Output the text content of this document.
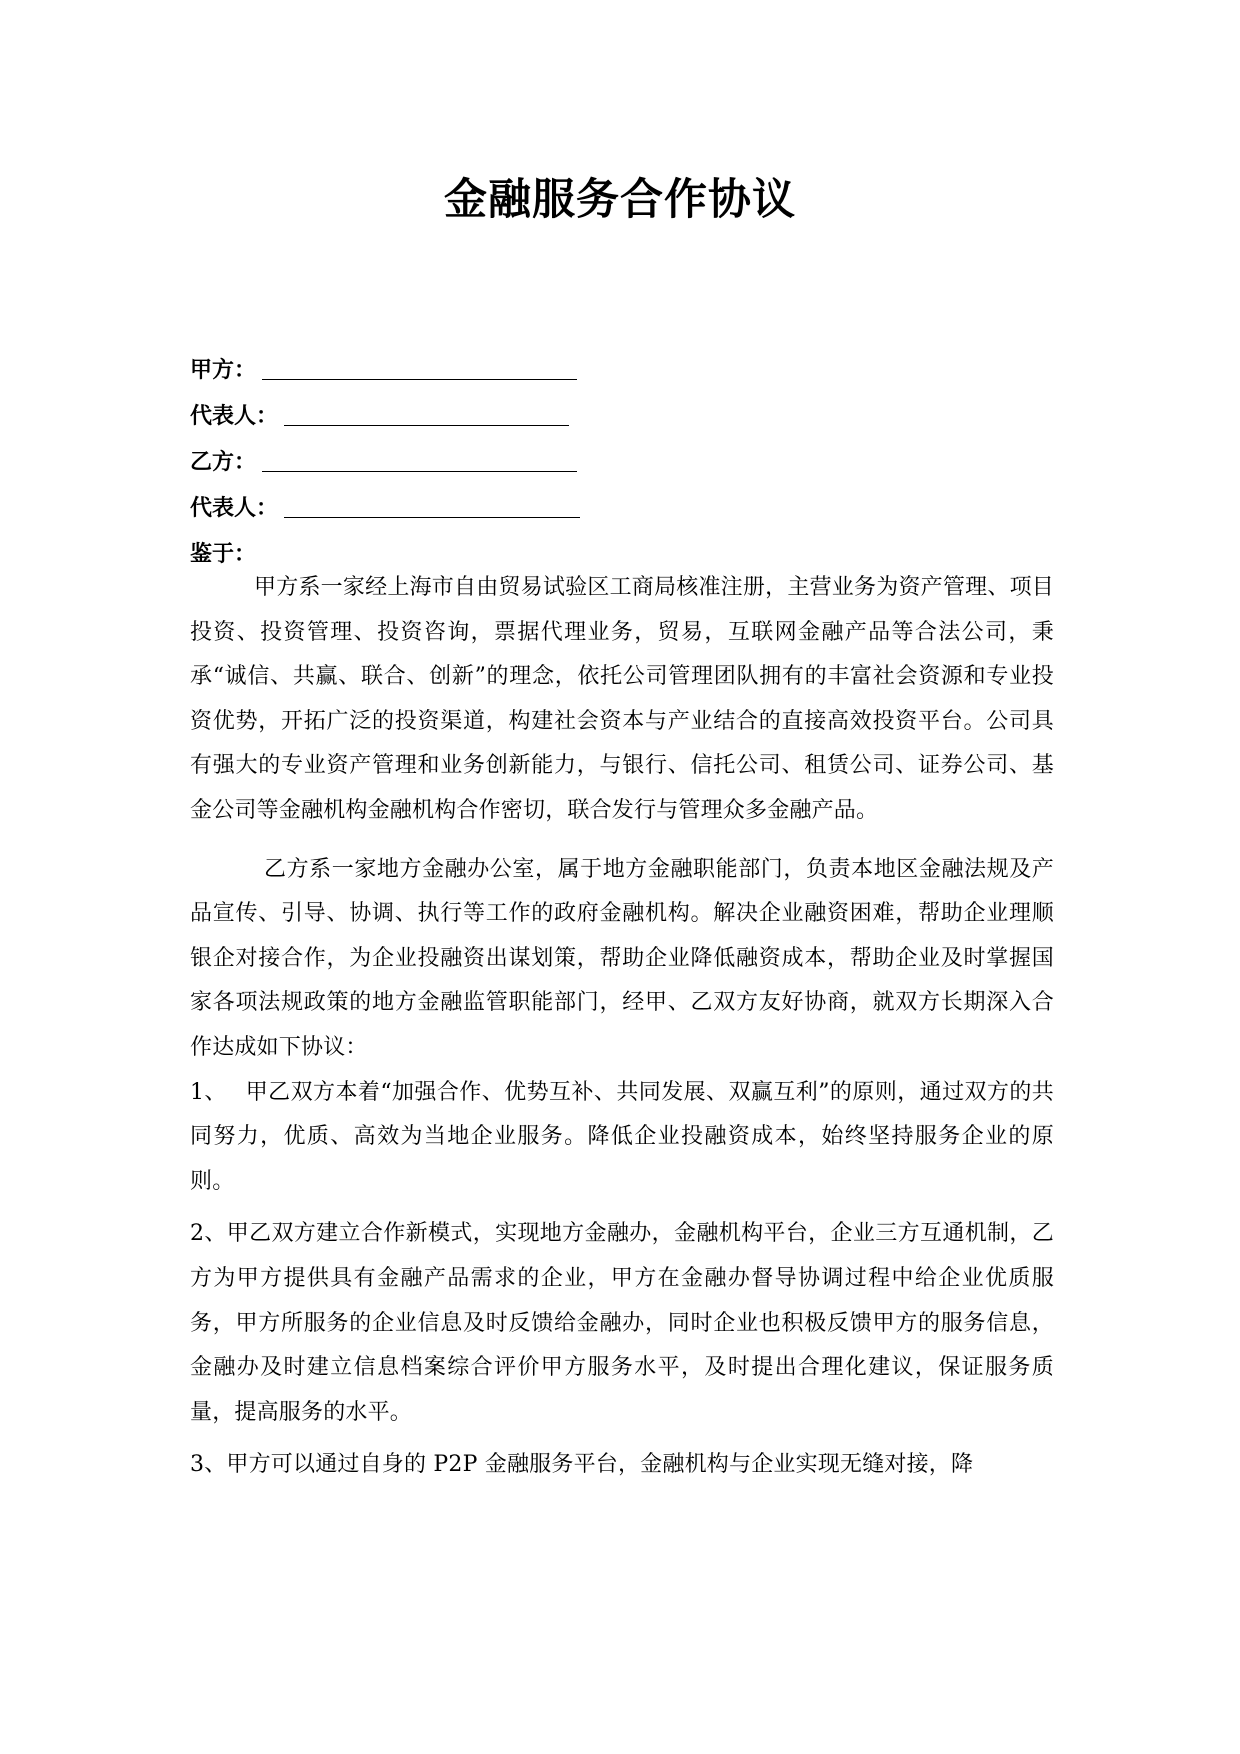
金融服务合作协议
甲方：
代表人：
乙方：
代表人：
鉴于：

甲方系一家经上海市自由贸易试验区工商局核准注册，主营业务为资产管理、项目投资、投资管理、投资咨询，票据代理业务，贸易，互联网金融产品等合法公司，秉承“诚信、共赢、联合、创新”的理念，依托公司管理团队拥有的丰富社会资源和专业投资优势，开拓广泛的投资渠道，构建社会资本与产业结合的直接高效投资平台。公司具有强大的专业资产管理和业务创新能力，与银行、信托公司、租赁公司、证券公司、基金公司等金融机构金融机构合作密切，联合发行与管理众多金融产品。

乙方系一家地方金融办公室，属于地方金融职能部门，负责本地区金融法规及产品宣传、引导、协调、执行等工作的政府金融机构。解决企业融资困难，帮助企业理顺银企对接合作，为企业投融资出谋划策，帮助企业降低融资成本，帮助企业及时掌握国家各项法规政策的地方金融监管职能部门，经甲、乙双方友好协商，就双方长期深入合作达成如下协议：

1、　 甲乙双方本着“加强合作、优势互补、共同发展、双赢互利”的原则，通过双方的共同努力，优质、高效为当地企业服务。降低企业投融资成本，始终坚持服务企业的原则。

2、甲乙双方建立合作新模式，实现地方金融办，金融机构平台，企业三方互通机制，乙方为甲方提供具有金融产品需求的企业，甲方在金融办督导协调过程中给企业优质服务，甲方所服务的企业信息及时反馈给金融办，同时企业也积极反馈甲方的服务信息，金融办及时建立信息档案综合评价甲方服务水平，及时提出合理化建议，保证服务质量，提高服务的水平。

3、甲方可以通过自身的 P2P 金融服务平台，金融机构与企业实现无缝对接，降
